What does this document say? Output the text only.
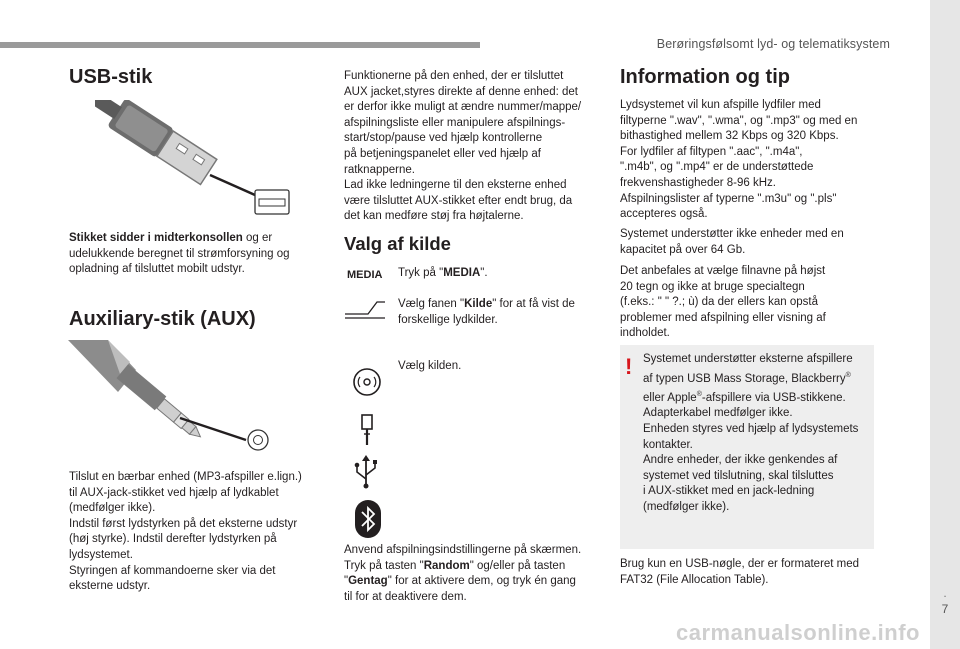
Berøringsfølsomt lyd- og telematiksystem
.
7
USB-stik
Stikket sidder i midterkonsollen og er
udelukkende beregnet til strømforsyning og
opladning af tilsluttet mobilt udstyr.
Auxiliary-stik (AUX)
Tilslut en bærbar enhed (MP3-afspiller e.lign.)
til AUX-jack-stikket ved hjælp af lydkablet
(medfølger ikke).
Indstil først lydstyrken på det eksterne udstyr
(høj styrke). Indstil derefter lydstyrken på
lydsystemet.
Styringen af kommandoerne sker via det
eksterne udstyr.
Funktionerne på den enhed, der er tilsluttet
AUX jacket,styres direkte af denne enhed: det
er derfor ikke muligt at ændre nummer/mappe/
afspilningsliste eller manipulere afspilnings-
start/stop/pause ved hjælp kontrollerne
på betjeningspanelet eller ved hjælp af
ratknapperne.
Lad ikke ledningerne til den eksterne enhed
være tilsluttet AUX-stikket efter endt brug, da
det kan medføre støj fra højtalerne.
Valg af kilde
MEDIA Tryk på "MEDIA".
Vælg fanen "Kilde" for at få vist de
forskellige lydkilder.
Vælg kilden.
Anvend afspilningsindstillingerne på skærmen.
Tryk på tasten "Random" og/eller på tasten
"Gentag" for at aktivere dem, og tryk én gang
til for at deaktivere dem.
Information og tip
Lydsystemet vil kun afspille lydfiler med
filtyperne ".wav", ".wma", og ".mp3" og med en
bithastighed mellem 32 Kbps og 320 Kbps.
For lydfiler af filtypen ".aac", ".m4a",
".m4b", og ".mp4" er de understøttede
frekvenshastigheder 8-96 kHz.
Afspilningslister af typerne ".m3u" og ".pls"
accepteres også.
Systemet understøtter ikke enheder med en
kapacitet på over 64 Gb.
Det anbefales at vælge filnavne på højst
20 tegn og ikke at bruge specialtegn
(f.eks.: " " ?.; ù) da der ellers kan opstå
problemer med afspilning eller visning af
indholdet.
! Systemet understøtter eksterne afspillere
af typen USB Mass Storage, Blackberry®
eller Apple®-afspillere via USB-stikkene.
Adapterkabel medfølger ikke.
Enheden styres ved hjælp af lydsystemets
kontakter.
Andre enheder, der ikke genkendes af
systemet ved tilslutning, skal tilsluttes
i AUX-stikket med en jack-ledning
(medfølger ikke).
Brug kun en USB-nøgle, der er formateret med
FAT32 (File Allocation Table).
carmanualsonline.info
